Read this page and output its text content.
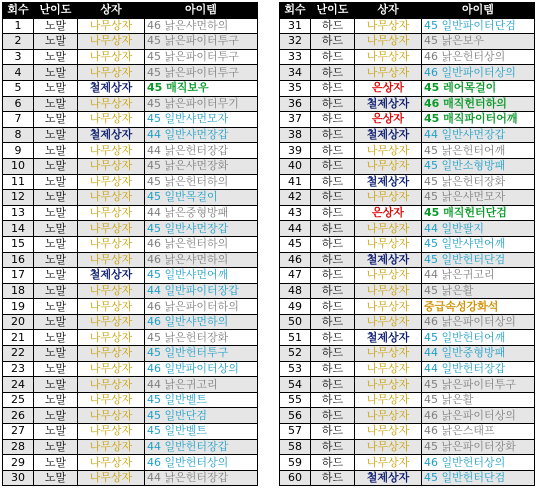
회수	난이도	상자	아이템
1	노말	나무상자	46 낡은샤먼하의
2	노말	나무상자	45 낡은파이터투구
3	노말	나무상자	45 낡은파이터투구
4	노말	나무상자	45 낡은파이터투구
5	노말	철제상자	45 매직보우
6	노말	나무상자	45 낡은파이터무기
7	노말	나무상자	45 일반샤먼모자
8	노말	철제상자	44 일반샤먼장갑
9	노말	나무상자	44 낡은헌터장갑
10	노말	나무상자	45 낡은샤먼장화
11	노말	나무상자	45 낡은헌터하의
12	노말	나무상자	45 일반목걸이
13	노말	나무상자	44 낡은중형방패
14	노말	나무상자	45 일반샤먼장갑
15	노말	나무상자	46 낡은헌터하의
16	노말	나무상자	46 낡은샤먼하의
17	노말	철제상자	45 일반샤먼어깨
18	노말	나무상자	44 일반파이터장갑
19	노말	나무상자	46 낡은파이터하의
20	노말	나무상자	46 일반샤먼하의
21	노말	나무상자	45 낡은헌터장화
22	노말	나무상자	45 일반헌터투구
23	노말	나무상자	46 일반파이터상의
24	노말	나무상자	44 낡은귀고리
25	노말	나무상자	45 일반벨트
26	노말	나무상자	45 일반단검
27	노말	나무상자	45 일반벨트
28	노말	나무상자	44 일반헌터장갑
29	노말	나무상자	46 일반헌터상의
30	노말	나무상자	44 낡은헌터장갑
회수	난이도	상자	아이템
31	하드	나무상자	45 일반파이터단검
32	하드	나무상자	45 낡은보우
33	하드	나무상자	46 낡은헌터상의
34	하드	나무상자	46 일반파이터상의
35	하드	은상자	45 레어목걸이
36	하드	철제상자	46 매직헌터하의
37	하드	은상자	45 매직파이터어깨
38	하드	철제상자	44 일반샤먼장갑
39	하드	나무상자	45 낡은헌터어깨
40	하드	나무상자	45 일반소형방패
41	하드	철제상자	45 낡은헌터장화
42	하드	나무상자	45 낡은샤먼모자
43	하드	은상자	45 매직헌터단검
44	하드	나무상자	44 일반팔지
45	하드	나무상자	45 일반샤먼어깨
46	하드	철제상자	45 일반헌터단검
47	하드	나무상자	44 낡은귀고리
48	하드	나무상자	45 낡은활
49	하드	나무상자	중급속성강화석
50	하드	나무상자	46 낡은파이터상의
51	하드	철제상자	45 일반헌터어깨
52	하드	나무상자	44 일반중형방패
53	하드	나무상자	44 일반헌터장갑
54	하드	나무상자	45 낡은파이터투구
55	하드	나무상자	45 낡은활
56	하드	나무상자	46 낡은파이터상의
57	하드	나무상자	46 낡은스태프
58	하드	나무상자	45 낡은파이터장화
59	하드	나무상자	46 일반헌터상의
60	하드	철제상자	45 일반헌터단검
